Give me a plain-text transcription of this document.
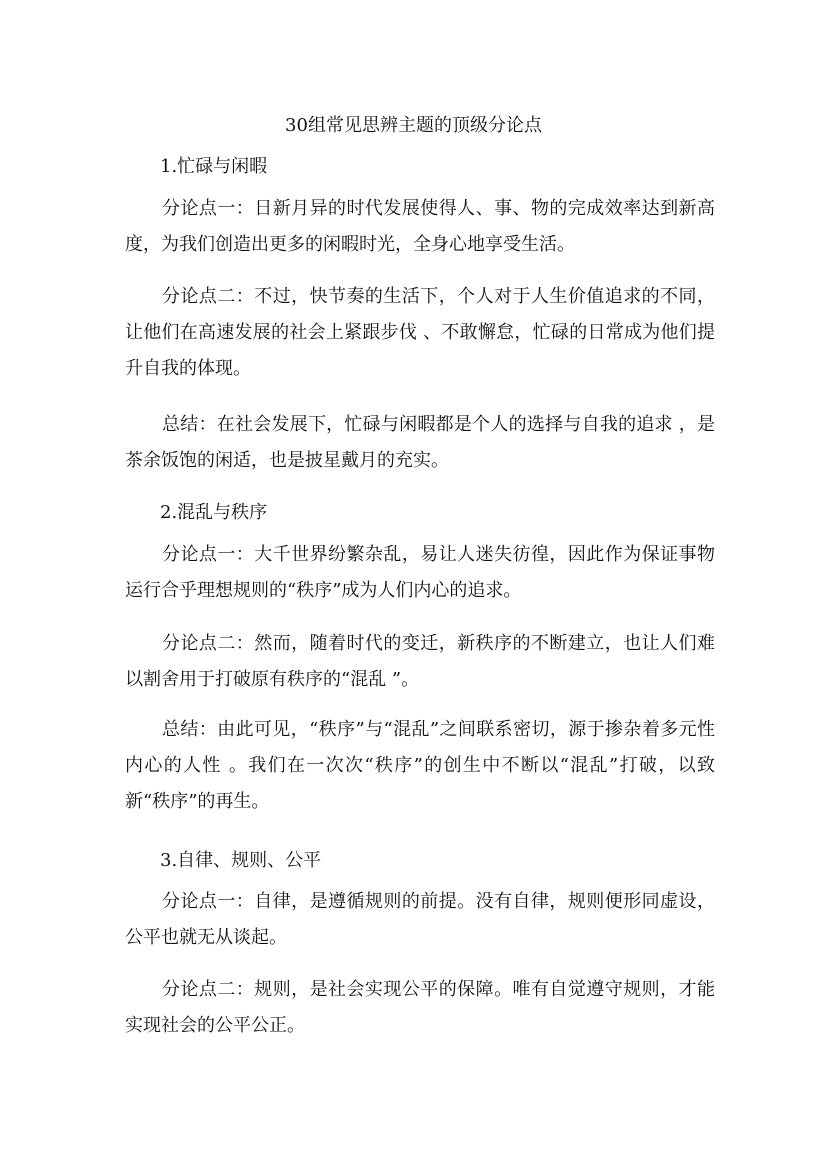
30组常见思辨主题的顶级分论点
1.忙碌与闲暇
分论点一：日新月异的时代发展使得人、事、物的完成效率达到新高度，为我们创造出更多的闲暇时光，全身心地享受生活。
分论点二：不过，快节奏的生活下，个人对于人生价值追求的不同，让他们在高速发展的社会上紧跟步伐 、不敢懈怠，忙碌的日常成为他们提升自我的体现。
总结：在社会发展下，忙碌与闲暇都是个人的选择与自我的追求 ，是茶余饭饱的闲适，也是披星戴月的充实。
2.混乱与秩序
分论点一：大千世界纷繁杂乱，易让人迷失彷徨，因此作为保证事物运行合乎理想规则的“秩序”成为人们内心的追求。
分论点二：然而，随着时代的变迁，新秩序的不断建立，也让人们难以割舍用于打破原有秩序的“混乱 ”。
总结：由此可见，“秩序”与“混乱”之间联系密切，源于掺杂着多元性内心的人性 。我们在一次次“秩序”的创生中不断以“混乱”打破，以致新“秩序”的再生。
3.自律、规则、公平
分论点一：自律，是遵循规则的前提。没有自律，规则便形同虚设，公平也就无从谈起。
分论点二：规则，是社会实现公平的保障。唯有自觉遵守规则，才能实现社会的公平公正。
